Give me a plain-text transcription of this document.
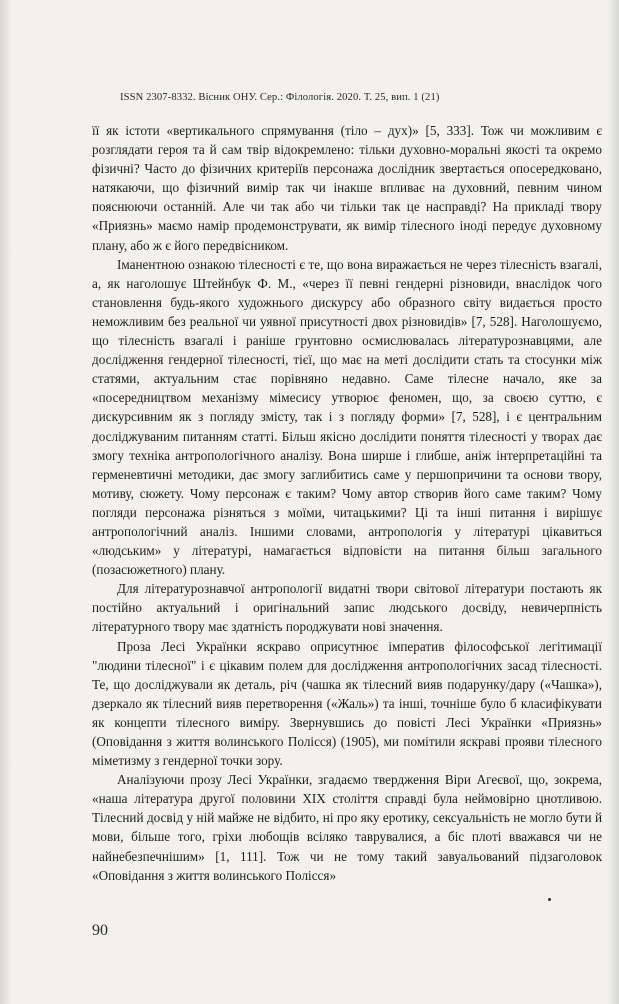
ISSN 2307-8332. Вісник ОНУ. Сер.: Філологія. 2020. Т. 25, вип. 1 (21)

її як істоти «вертикального спрямування (тіло – дух)» [5, 333]. Тож чи можливим є розглядати героя та й сам твір відокремлено: тільки духовно-моральні якості та окремо фізичні? Часто до фізичних критеріїв персонажа дослідник звертається опосередковано, натякаючи, що фізичний вимір так чи інакше впливає на духовний, певним чином пояснюючи останній. Але чи так або чи тільки так це насправді? На прикладі твору «Приязнь» маємо намір продемонструвати, як вимір тілесного іноді передує духовному плану, або ж є його передвісником.

Іманентною ознакою тілесності є те, що вона виражається не через тілесність взагалі, а, як наголошує Штейнбук Ф. М., «через її певні гендерні різновиди, внаслідок чого становлення будь-якого художнього дискурсу або образного світу видається просто неможливим без реальної чи уявної присутності двох різновидів» [7, 528]. Наголошуємо, що тілесність взагалі і раніше грунтовно осмислювалась літературознавцями, але дослідження гендерної тілесності, тієї, що має на меті дослідити стать та стосунки між статями, актуальним стає порівняно недавно. Саме тілесне начало, яке за «посередництвом механізму мімесису утворює феномен, що, за своєю суттю, є дискурсивним як з погляду змісту, так і з погляду форми» [7, 528], і є центральним досліджуваним питанням статті. Більш якісно дослідити поняття тілесності у творах дає змогу техніка антропологічного аналізу. Вона ширше і глибше, аніж інтерпретаційні та герменевтичні методики, дає змогу заглибитись саме у першопричини та основи твору, мотиву, сюжету. Чому персонаж є таким? Чому автор створив його саме таким? Чому погляди персонажа різняться з моїми, читацькими? Ці та інші питання і вирішує антропологічний аналіз. Іншими словами, антропологія у літературі цікавиться «людським» у літературі, намагається відповісти на питання більш загального (позасюжетного) плану.

Для літературознавчої антропології видатні твори світової літератури постають як постійно актуальний і оригінальний запис людського досвіду, невичерпність літературного твору має здатність породжувати нові значення.

Проза Лесі Українки яскраво оприсутнює імператив філософської легітимації "людини тілесної" і є цікавим полем для дослідження антропологічних засад тілесності. Те, що досліджували як деталь, річ (чашка як тілесний вияв подарунку/дару («Чашка»), дзеркало як тілесний вияв перетворення («Жаль») та інші, точніше було б класифікувати як концепти тілесного виміру. Звернувшись до повісті Лесі Українки «Приязнь» (Оповідання з життя волинського Полісся) (1905), ми помітили яскраві прояви тілесного міметизму з гендерної точки зору.

Аналізуючи прозу Лесі Українки, згадаємо твердження Віри Агеєвої, що, зокрема, «наша література другої половини ХІХ століття справді була неймовірно цнотливою. Тілесний досвід у ній майже не відбито, ні про яку еротику, сексуальність не могло бути й мови, більше того, гріхи любощів всіляко таврувалися, а біс плоті вважався чи не найнебезпечнішим» [1, 111]. Тож чи не тому такий завуальований підзаголовок «Оповідання з життя волинського Полісся»

90
